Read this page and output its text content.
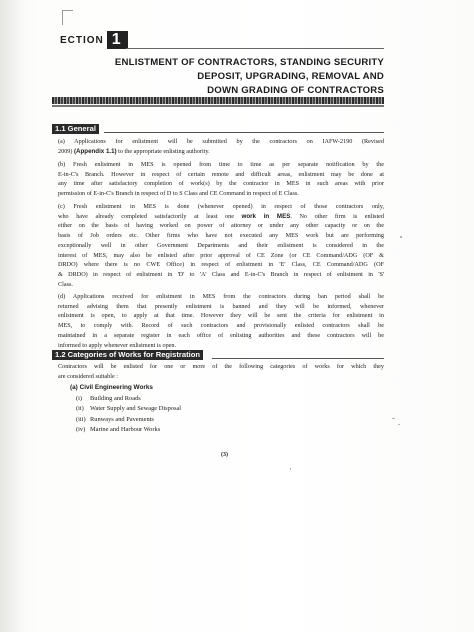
ECTION 1
ENLISTMENT OF CONTRACTORS, STANDING SECURITY
DEPOSIT, UPGRADING, REMOVAL AND
DOWN GRADING OF CONTRACTORS
1.1 General
(a) Applications for enlistment will be submitted by the contractors on IAFW-2190 (Revised
2009) (Appendix 1.1) to the appropriate enlisting authority.
(b) Fresh enlistment in MES is opened from time to time as per separate notification by the
E-in-C's Branch. However in respect of certain remote and difficult areas, enlistment may be done at
any time after satisfactory completion of work(s) by the contractor in MES in such areas with prior
permission of E-in-C's Branch in respect of D to S Class and CE Command in respect of E Class.
(c) Fresh enlistment in MES is done (whenever opened) in respect of those contractors only,
who have already completed satisfactorily at least one work in MES. No other firm is enlisted
either on the basis of having worked on power of attorney or under any other capacity or on the
basis of Job orders etc. Other firms who have not executed any MES work but are performing
exceptionally well in other Government Departments and their enlistment is considered in the
interest of MES, may also be enlisted after prior approval of CE Zone (or CE Command/ADG (OF &
DRDO) where there is no CWE Office) in respect of enlistment in 'E' Class, CE Command/ADG (OF
& DRDO) in respect of enlistment in 'D' to 'A' Class and E-in-C's Branch in respect of enlistment in 'S'
Class.
(d) Applications received for enlistment in MES from the contractors during ban period shall be
returned advising them that presently enlistment is banned and they will be informed, whenever
enlistment is open, to apply at that time. However they will be sent the criteria for enlistment in
MES, to comply with. Record of such contractors and provisionally enlisted contractors shall be
maintained in a separate register in each office of enlisting authorities and these contractors will be
informed to apply whenever enlistment is open.
1.2 Categories of Works for Registration
Contractors will be enlisted for one or more of the following categories of works for which they
are considered suitable :
(a) Civil Engineering Works
(i) Building and Roads
(ii) Water Supply and Sewage Disposal
(iii) Runways and Pavements
(iv) Marine and Harbour Works
(3)
